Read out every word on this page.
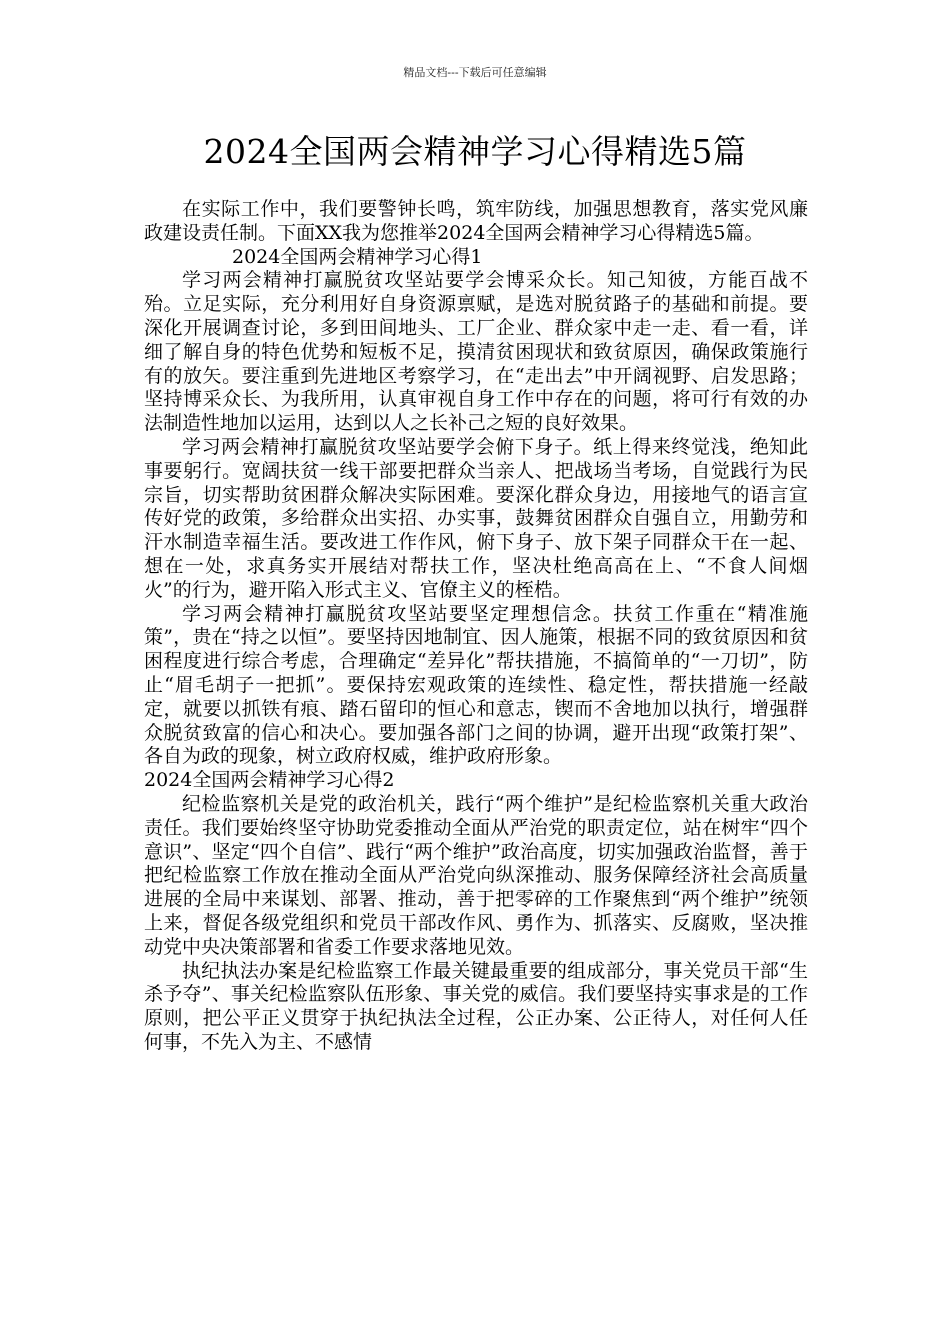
精品文档---下载后可任意编辑
2024全国两会精神学习心得精选5篇

在实际工作中，我们要警钟长鸣，筑牢防线，加强思想教育，落实党风廉政建设责任制。下面XX我为您推举2024全国两会精神学习心得精选5篇。

2024全国两会精神学习心得1

学习两会精神打赢脱贫攻坚站要学会博采众长。知己知彼，方能百战不殆。立足实际，充分利用好自身资源禀赋，是选对脱贫路子的基础和前提。要深化开展调查讨论，多到田间地头、工厂企业、群众家中走一走、看一看，详细了解自身的特色优势和短板不足，摸清贫困现状和致贫原因，确保政策施行有的放矢。要注重到先进地区考察学习，在“走出去”中开阔视野、启发思路；坚持博采众长、为我所用，认真审视自身工作中存在的问题，将可行有效的办法制造性地加以运用，达到以人之长补己之短的良好效果。

学习两会精神打赢脱贫攻坚站要学会俯下身子。纸上得来终觉浅，绝知此事要躬行。宽阔扶贫一线干部要把群众当亲人、把战场当考场，自觉践行为民宗旨，切实帮助贫困群众解决实际困难。要深化群众身边，用接地气的语言宣传好党的政策，多给群众出实招、办实事，鼓舞贫困群众自强自立，用勤劳和汗水制造幸福生活。要改进工作作风，俯下身子、放下架子同群众干在一起、想在一处，求真务实开展结对帮扶工作，坚决杜绝高高在上、“不食人间烟火”的行为，避开陷入形式主义、官僚主义的桎梏。

学习两会精神打赢脱贫攻坚站要坚定理想信念。扶贫工作重在“精准施策”，贵在“持之以恒”。要坚持因地制宜、因人施策，根据不同的致贫原因和贫困程度进行综合考虑，合理确定“差异化”帮扶措施，不搞简单的“一刀切”，防止“眉毛胡子一把抓”。要保持宏观政策的连续性、稳定性，帮扶措施一经敲定，就要以抓铁有痕、踏石留印的恒心和意志，锲而不舍地加以执行，增强群众脱贫致富的信心和决心。要加强各部门之间的协调，避开出现“政策打架”、各自为政的现象，树立政府权威，维护政府形象。

2024全国两会精神学习心得2

纪检监察机关是党的政治机关，践行“两个维护”是纪检监察机关重大政治责任。我们要始终坚守协助党委推动全面从严治党的职责定位，站在树牢“四个意识”、坚定“四个自信”、践行“两个维护”政治高度，切实加强政治监督，善于把纪检监察工作放在推动全面从严治党向纵深推动、服务保障经济社会高质量进展的全局中来谋划、部署、推动，善于把零碎的工作聚焦到“两个维护”统领上来，督促各级党组织和党员干部改作风、勇作为、抓落实、反腐败，坚决推动党中央决策部署和省委工作要求落地见效。

执纪执法办案是纪检监察工作最关键最重要的组成部分，事关党员干部“生杀予夺”、事关纪检监察队伍形象、事关党的威信。我们要坚持实事求是的工作原则，把公平正义贯穿于执纪执法全过程，公正办案、公正待人，对任何人任何事，不先入为主、不感情
